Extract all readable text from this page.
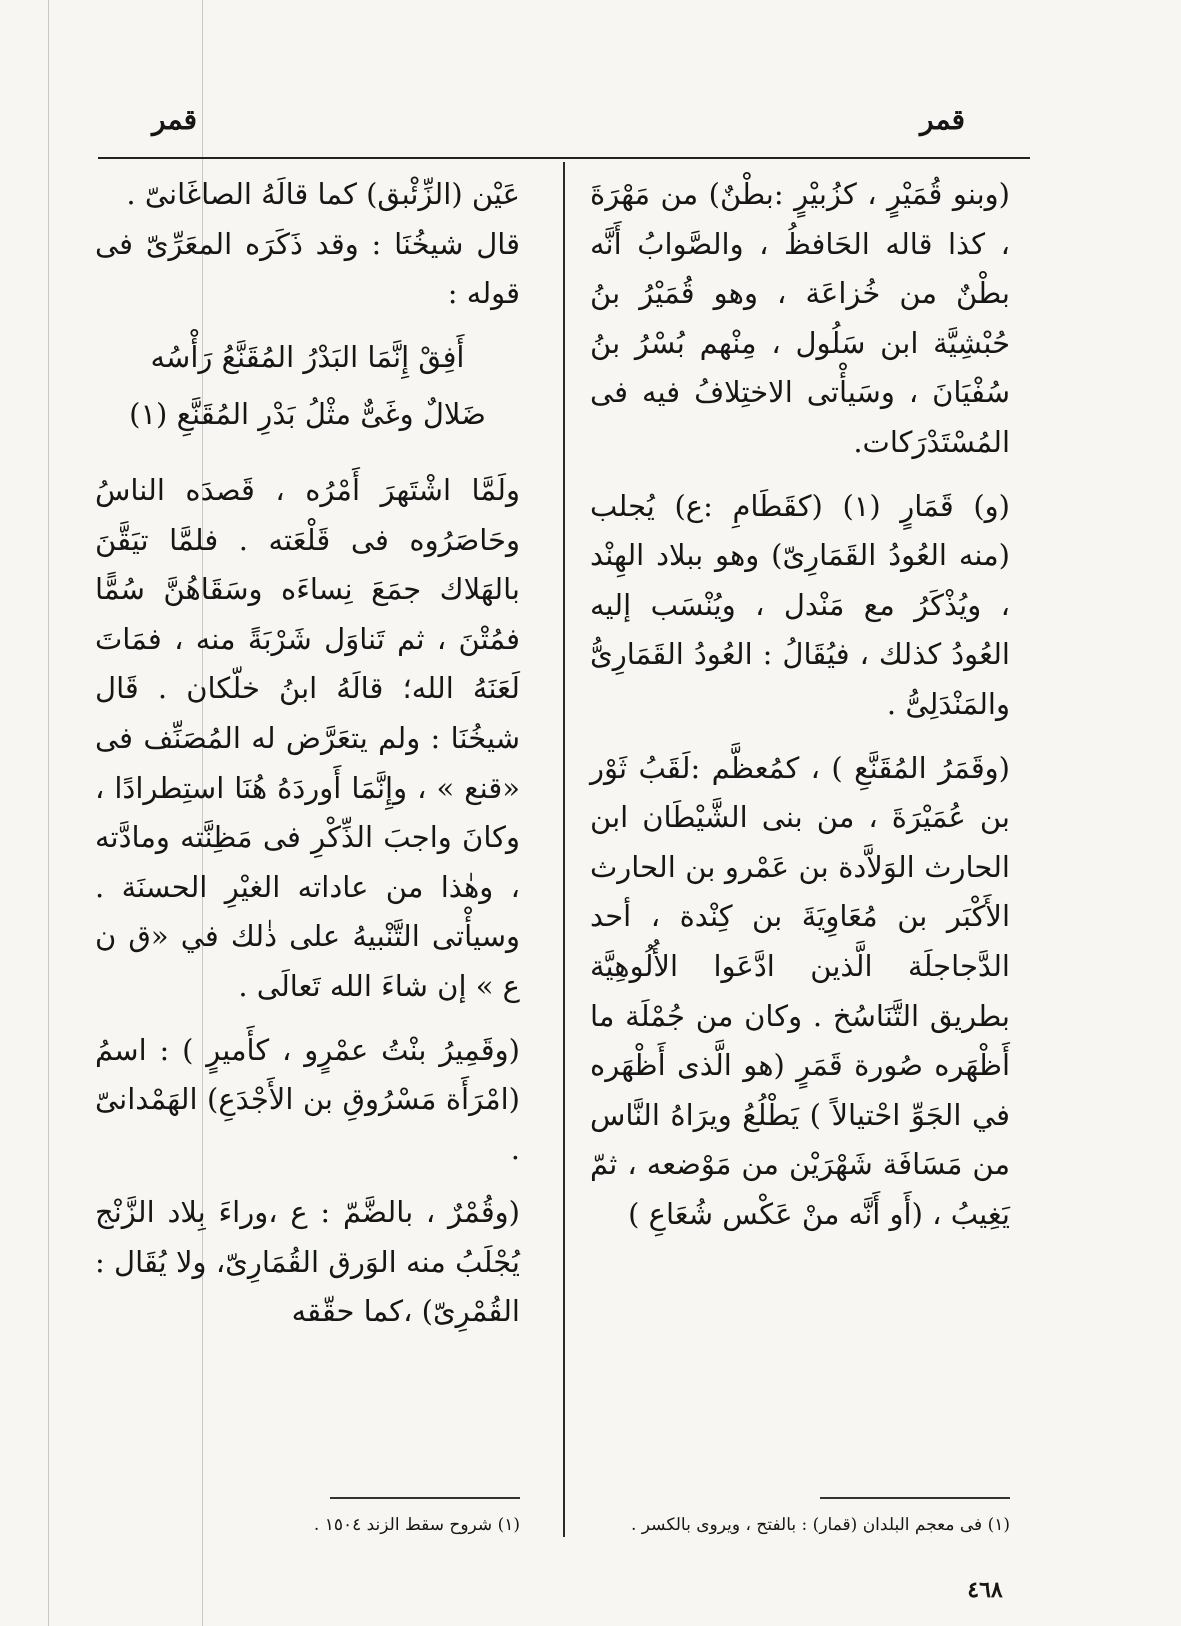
قمر
قمر

(وبنو قُمَيْرٍ ، كزُبيْرٍ :بطْنٌ) من مَهْرَةَ ، كذا قاله الحَافظُ ، والصَّوابُ أَنَّه بطْنٌ من خُزاعَة ، وهو قُمَيْرُ بنُ حُبْشِيَّة ابن سَلُول ، مِنْهم بُسْرُ بنُ سُفْيَانَ ، وسَيأْتى الاختِلافُ فيه فى المُسْتَدْرَكات.

(و) قَمَارٍ (١) (كقَطَامِ :ع) يُجلب (منه العُودُ القَمَارِىّ) وهو ببلاد الهِنْد ، ويُذْكَرُ مع مَنْدل ، ويُنْسَب إليه العُودُ كذلك ، فيُقَالُ : العُودُ القَمَارِىُّ والمَنْدَلِىُّ .

(وقَمَرُ المُقَنَّعِ ) ، كمُعظَّم :لَقَبُ ثَوْر بن عُمَيْرَةَ ، من بنى الشَّيْطَان ابن الحارث الوَلاَّدة بن عَمْرو بن الحارث الأَكْبَر بن مُعَاوِيَةَ بن كِنْدة ، أحد الدَّجاجلَة الَّذين ادَّعَوا الأُلُوهِيَّة بطريق التَّنَاسُخ . وكان من جُمْلَة ما أَظْهَره صُورة قَمَرٍ (هو الَّذى أَظْهَره في الجَوِّ احْتيالاً ) يَطْلُعُ ويرَاهُ النَّاس من مَسَافَة شَهْرَيْن من مَوْضعه ، ثمّ يَغِيبُ ، (أَو أَنَّه منْ عَكْس شُعَاعِ )

عَيْن (الزِّئْبق) كما قالَهُ الصاغَانىّ .

قال شيخُنَا : وقد ذَكَرَه المعَرِّىّ فى قوله :

أَفِقْ إِنَّمَا البَدْرُ المُقَنَّعُ رَأْسُه

ضَلالٌ وغَىٌّ مثْلُ بَدْرِ المُقَنَّعِ (١)

ولَمَّا اشْتَهرَ أَمْرُه ، قَصدَه الناسُ وحَاصَرُوه فى قَلْعَته . فلمَّا تيَقَّنَ بالهَلاك جمَعَ نِساءَه وسَقَاهُنَّ سُمًّا فمُتْنَ ، ثم تَناوَل شَرْبَةً منه ، فمَاتَ لَعَنَهُ الله؛ قالَهُ ابنُ خلّكان . قَال شيخُنَا : ولم يتعَرَّض له المُصَنِّف فى «قنع » ، وإِنَّمَا أَوردَهُ هُنَا استِطرادًا ، وكانَ واجبَ الذِّكْرِ فى مَظِنَّته ومادَّته ، وهٰذا من عاداته الغيْرِ الحسنَة . وسيأْتى التَّنْبيهُ على ذٰلك في «ق ن ع » إن شاءَ الله تَعالَى .

(وقَمِيرُ بنْتُ عمْرٍو ، كأَميرٍ ) : اسمُ (امْرَأَة مَسْرُوقِ بن الأَجْدَعِ) الهَمْدانىّ .

(وقُمْرٌ ، بالضَّمّ : ع ،وراءَ بِلاد الزَّنْج يُجْلَبُ منه الوَرق القُمَارِىّ، ولا يُقَال : القُمْرِىّ) ،كما حقّقه

(١) فى معجم البلدان (قمار) : بالفتح ، ويروى بالكسر .
(١) شروح سقط الزند ١٥٠٤ .
٤٦٨
